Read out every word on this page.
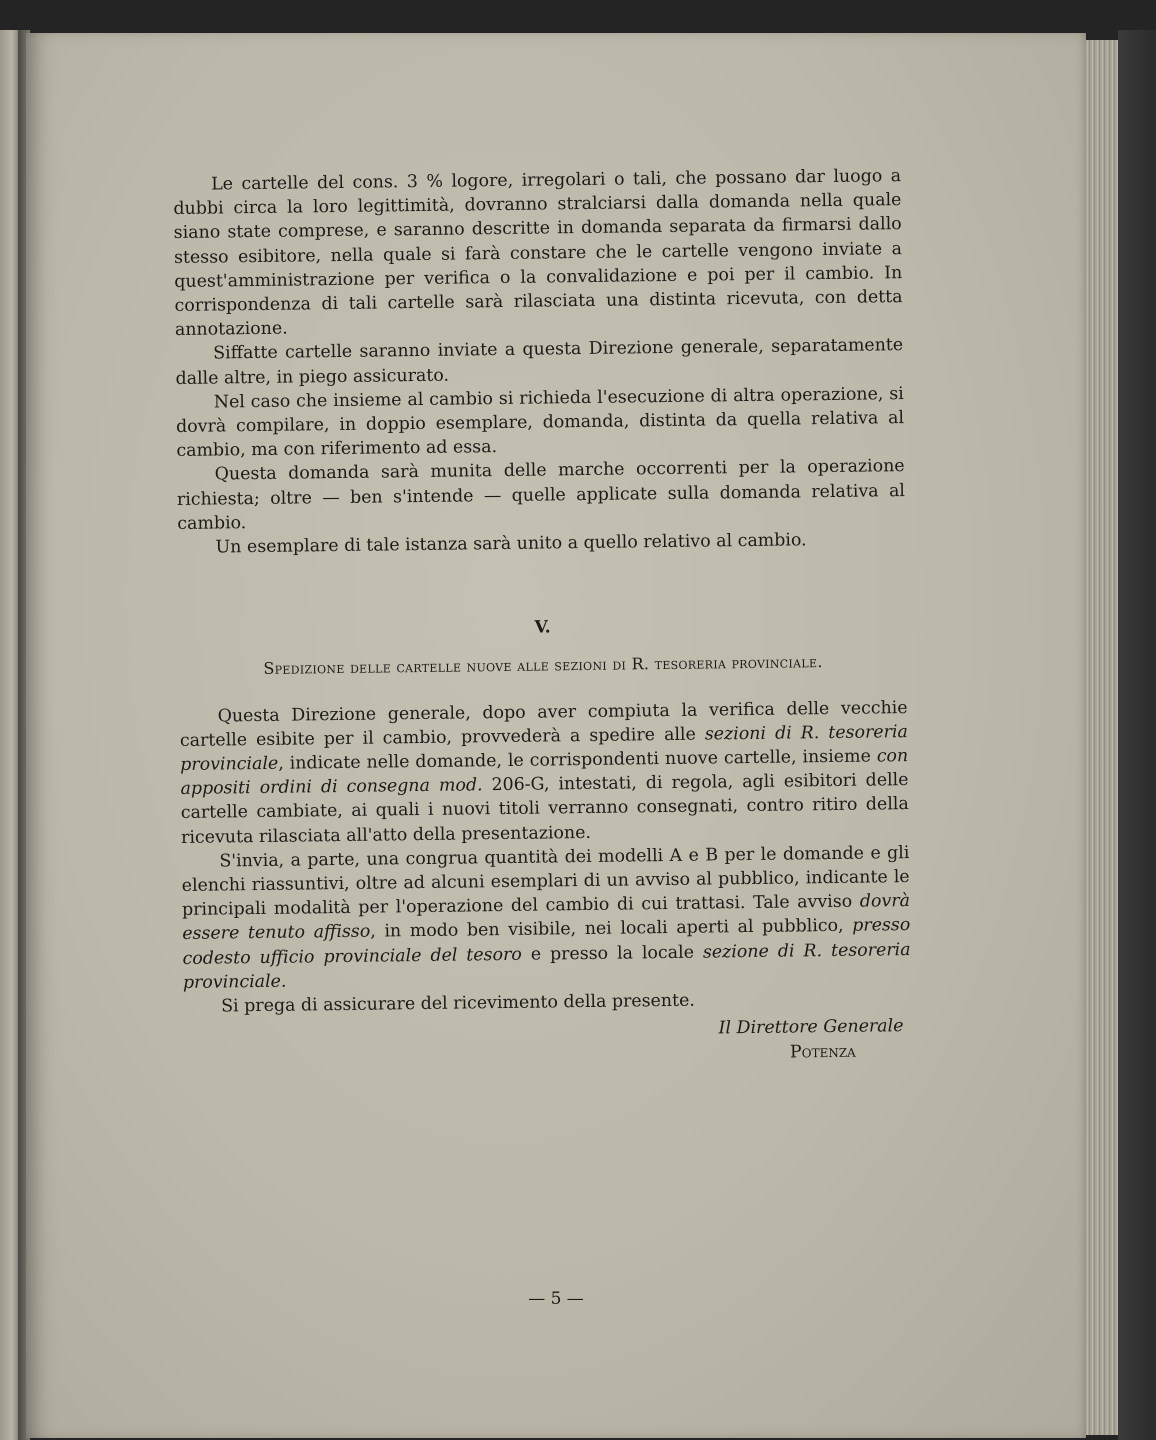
Le cartelle del cons. 3 % logore, irregolari o tali, che possano dar luogo a dubbi circa la loro legittimità, dovranno stralciarsi dalla domanda nella quale siano state comprese, e saranno descritte in domanda separata da firmarsi dallo stesso esibitore, nella quale si farà constare che le cartelle vengono inviate a quest'amministrazione per verifica o la convalidazione e poi per il cambio. In corrispondenza di tali cartelle sarà rilasciata una distinta ricevuta, con detta annotazione.

Siffatte cartelle saranno inviate a questa Direzione generale, separatamente dalle altre, in piego assicurato.

Nel caso che insieme al cambio si richieda l'esecuzione di altra operazione, si dovrà compilare, in doppio esemplare, domanda, distinta da quella relativa al cambio, ma con riferimento ad essa.

Questa domanda sarà munita delle marche occorrenti per la operazione richiesta; oltre — ben s'intende — quelle applicate sulla domanda relativa al cambio.

Un esemplare di tale istanza sarà unito a quello relativo al cambio.

V.

Spedizione delle cartelle nuove alle sezioni di R. tesoreria provinciale.

Questa Direzione generale, dopo aver compiuta la verifica delle vecchie cartelle esibite per il cambio, provvederà a spedire alle sezioni di R. tesoreria provinciale, indicate nelle domande, le corrispondenti nuove cartelle, insieme con appositi ordini di consegna mod. 206-G, intestati, di regola, agli esibitori delle cartelle cambiate, ai quali i nuovi titoli verranno consegnati, contro ritiro della ricevuta rilasciata all'atto della presentazione.

S'invia, a parte, una congrua quantità dei modelli A e B per le domande e gli elenchi riassuntivi, oltre ad alcuni esemplari di un avviso al pubblico, indicante le principali modalità per l'operazione del cambio di cui trattasi. Tale avviso dovrà essere tenuto affisso, in modo ben visibile, nei locali aperti al pubblico, presso codesto ufficio provinciale del tesoro e presso la locale sezione di R. tesoreria provinciale.

Si prega di assicurare del ricevimento della presente.

Il Direttore Generale
Potenza
— 5 —
